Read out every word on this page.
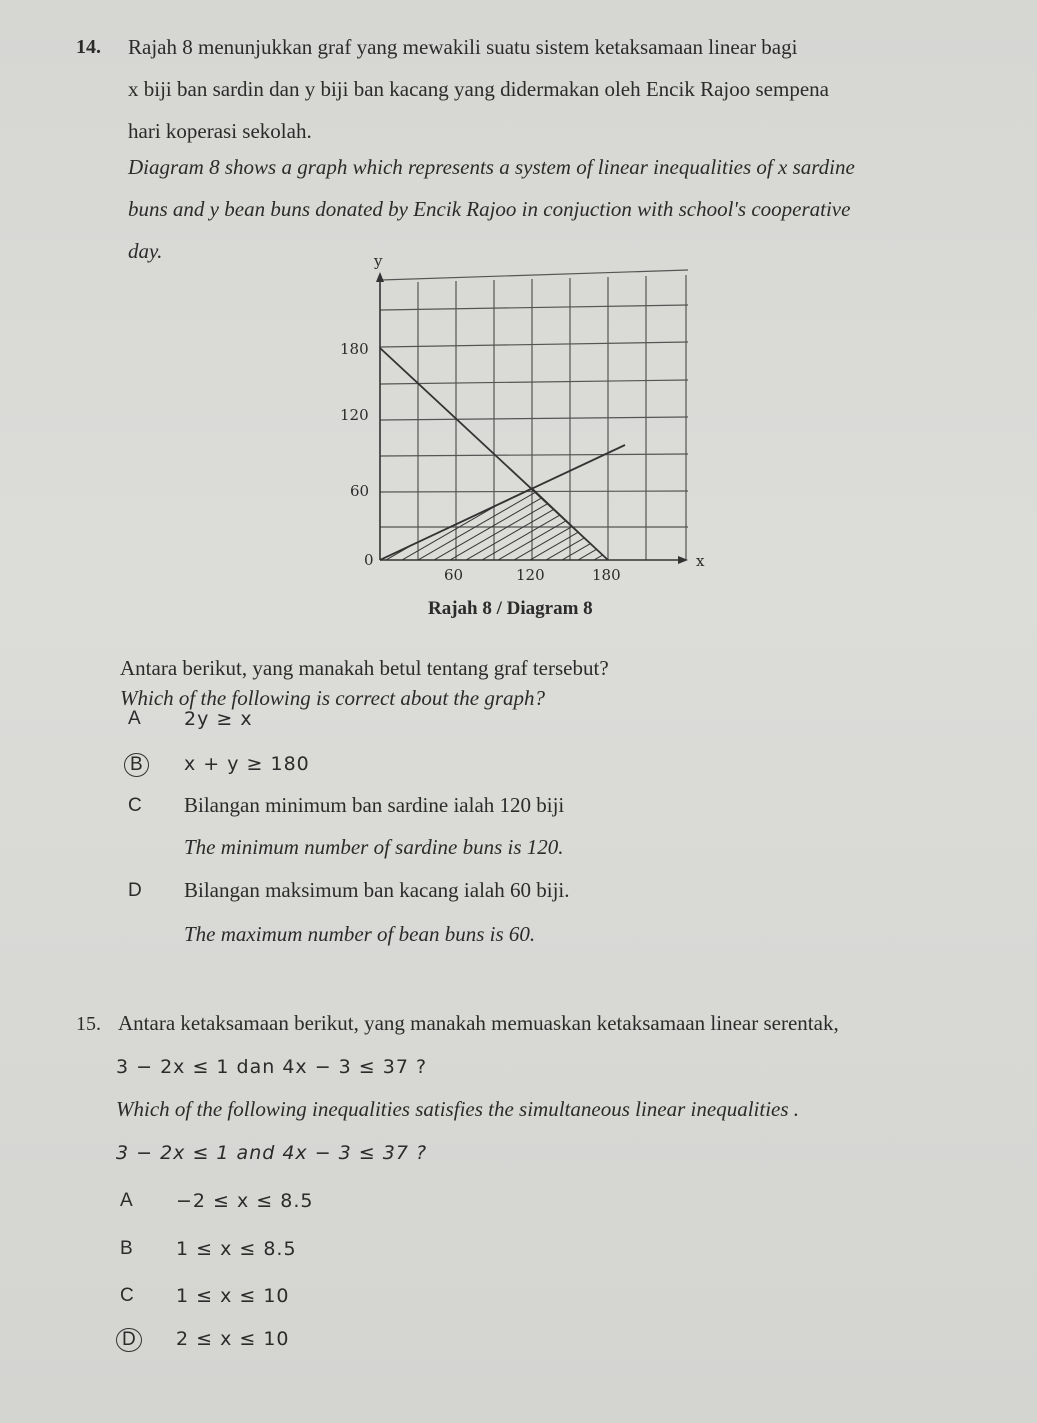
14. Rajah 8 menunjukkan graf yang mewakili suatu sistem ketaksamaan linear bagi
x biji ban sardin dan y biji ban kacang yang didermakan oleh Encik Rajoo sempena
hari koperasi sekolah.
Diagram 8 shows a graph which represents a system of linear inequalities of x sardine
buns and y bean buns donated by Encik Rajoo in conjuction with school's cooperative
day.	y
x
180
120
60
0
60	120	180
Rajah 8 / Diagram 8
Antara berikut, yang manakah betul tentang graf tersebut?
Which of the following is correct about the graph?
A 2y ≥ x
B	x + y ≥ 180
C Bilangan minimum ban sardine ialah 120 biji
The minimum number of sardine buns is 120.
D Bilangan maksimum ban kacang ialah 60 biji.
The maximum number of bean buns is 60.
15. Antara ketaksamaan berikut, yang manakah memuaskan ketaksamaan linear serentak,
3 − 2x ≤ 1 dan 4x − 3 ≤ 37 ?
Which of the following inequalities satisfies the simultaneous linear inequalities .
3 − 2x ≤ 1 and 4x − 3 ≤ 37 ?
A −2 ≤ x ≤ 8.5
B 1 ≤ x ≤ 8.5
C 1 ≤ x ≤ 10
D	2 ≤ x ≤ 10
